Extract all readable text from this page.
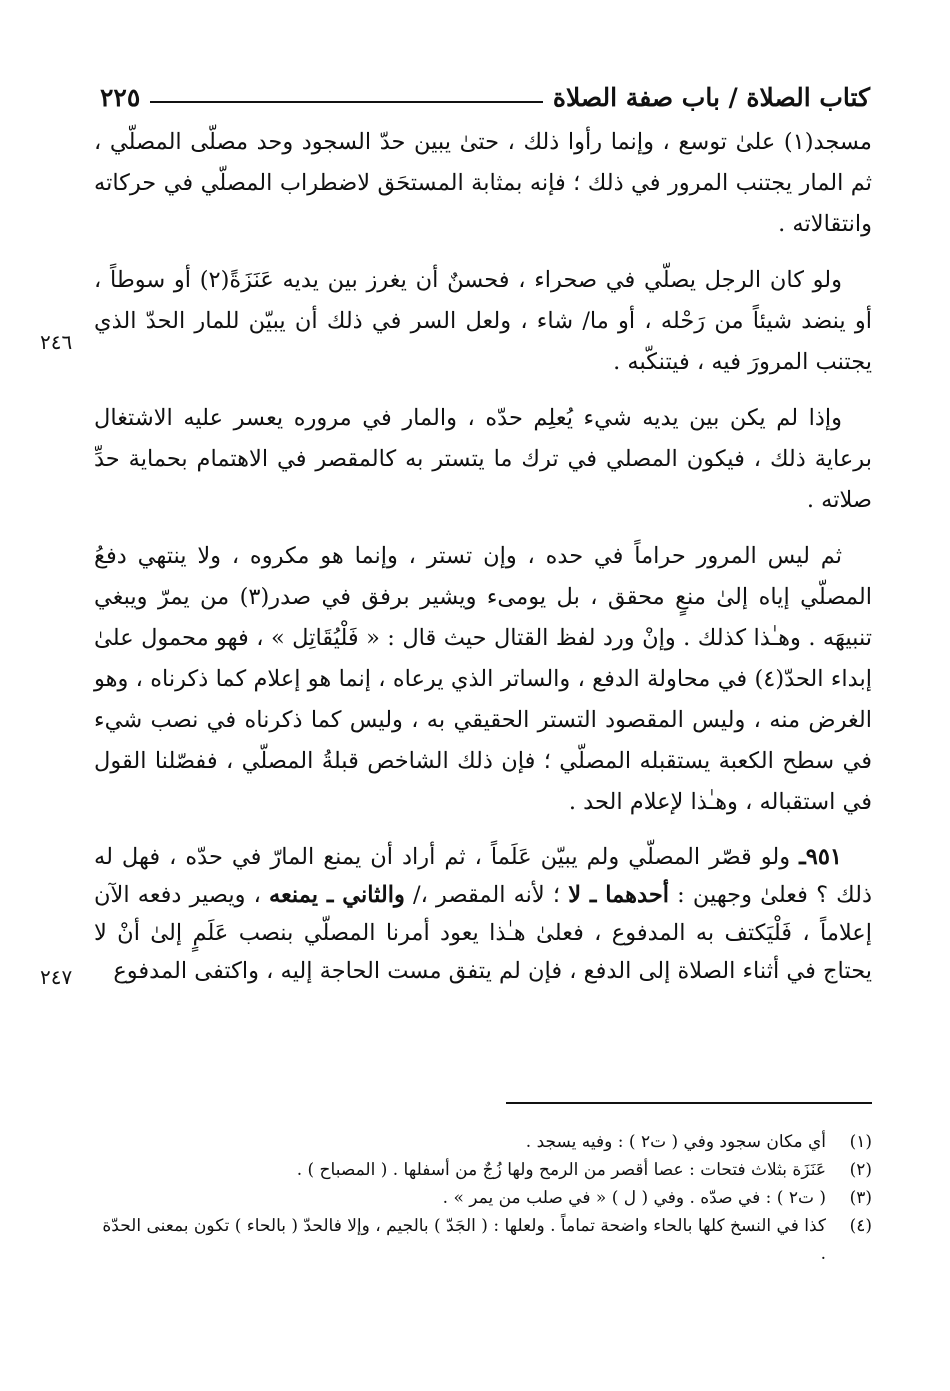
كتاب الصلاة / باب صفة الصلاة
٢٢٥
٢٤٦
٢٤٧

مسجد(١) علىٰ توسع ، وإنما رأوا ذلك ، حتىٰ يبين حدّ السجود وحد مصلّى المصلّي ، ثم المار يجتنب المرور في ذلك ؛ فإنه بمثابة المستحَق لاضطراب المصلّي في حركاته وانتقالاته .

ولو كان الرجل يصلّي في صحراء ، فحسنٌ أن يغرز بين يديه عَنَزَةً(٢) أو سوطاً ، أو ينضد شيئاً من رَحْله ، أو ما/ شاء ، ولعل السر في ذلك أن يبيّن للمار الحدّ الذي يجتنب المرورَ فيه ، فيتنكّبه .

وإذا لم يكن بين يديه شيء يُعلِم حدّه ، والمار في مروره يعسر عليه الاشتغال برعاية ذلك ، فيكون المصلي في ترك ما يتستر به كالمقصر في الاهتمام بحماية حدِّ صلاته .

ثم ليس المرور حراماً في حده ، وإن تستر ، وإنما هو مكروه ، ولا ينتهي دفعُ المصلّي إياه إلىٰ منعٍ محقق ، بل يومىء ويشير برفق في صدر(٣) من يمرّ ويبغي تنبيهَه . وهـٰذا كذلك . وإنْ ورد لفظ القتال حيث قال : « فَلْيُقَاتِل » ، فهو محمول علىٰ إبداء الحدّ(٤) في محاولة الدفع ، والساتر الذي يرعاه ، إنما هو إعلام كما ذكرناه ، وهو الغرض منه ، وليس المقصود التستر الحقيقي به ، وليس كما ذكرناه في نصب شيء في سطح الكعبة يستقبله المصلّي ؛ فإن ذلك الشاخص قبلةُ المصلّي ، ففصّلنا القول في استقباله ، وهـٰذا لإعلام الحد .

٩٥١ـ ولو قصّر المصلّي ولم يبيّن عَلَماً ، ثم أراد أن يمنع المارّ في حدّه ، فهل له ذلك ؟ فعلىٰ وجهين : أحدهما ـ لا ؛ لأنه المقصر ،/ والثاني ـ يمنعه ، ويصير دفعه الآن إعلاماً ، فَلْيَكتف به المدفوع ، فعلىٰ هـٰذا يعود أمرنا المصلّي بنصب عَلَمٍ إلىٰ أنْ لا يحتاج في أثناء الصلاة إلى الدفع ، فإن لم يتفق مست الحاجة إليه ، واكتفى المدفوع

(١)
أي مكان سجود وفي ( ت٢ ) : وفيه يسجد .
(٢)
عَنَزَة بثلاث فتحات : عصا أقصر من الرمح ولها زُجٌ من أسفلها . ( المصباح ) .
(٣)
( ت٢ ) : في صدّه . وفي ( ل ) « في صلب من يمر » .
(٤)
كذا في النسخ كلها بالحاء واضحة تماماً . ولعلها : ( الجَدّ ) بالجيم ، وإلا فالحدّ ( بالحاء ) تكون بمعنى الحدّة .
